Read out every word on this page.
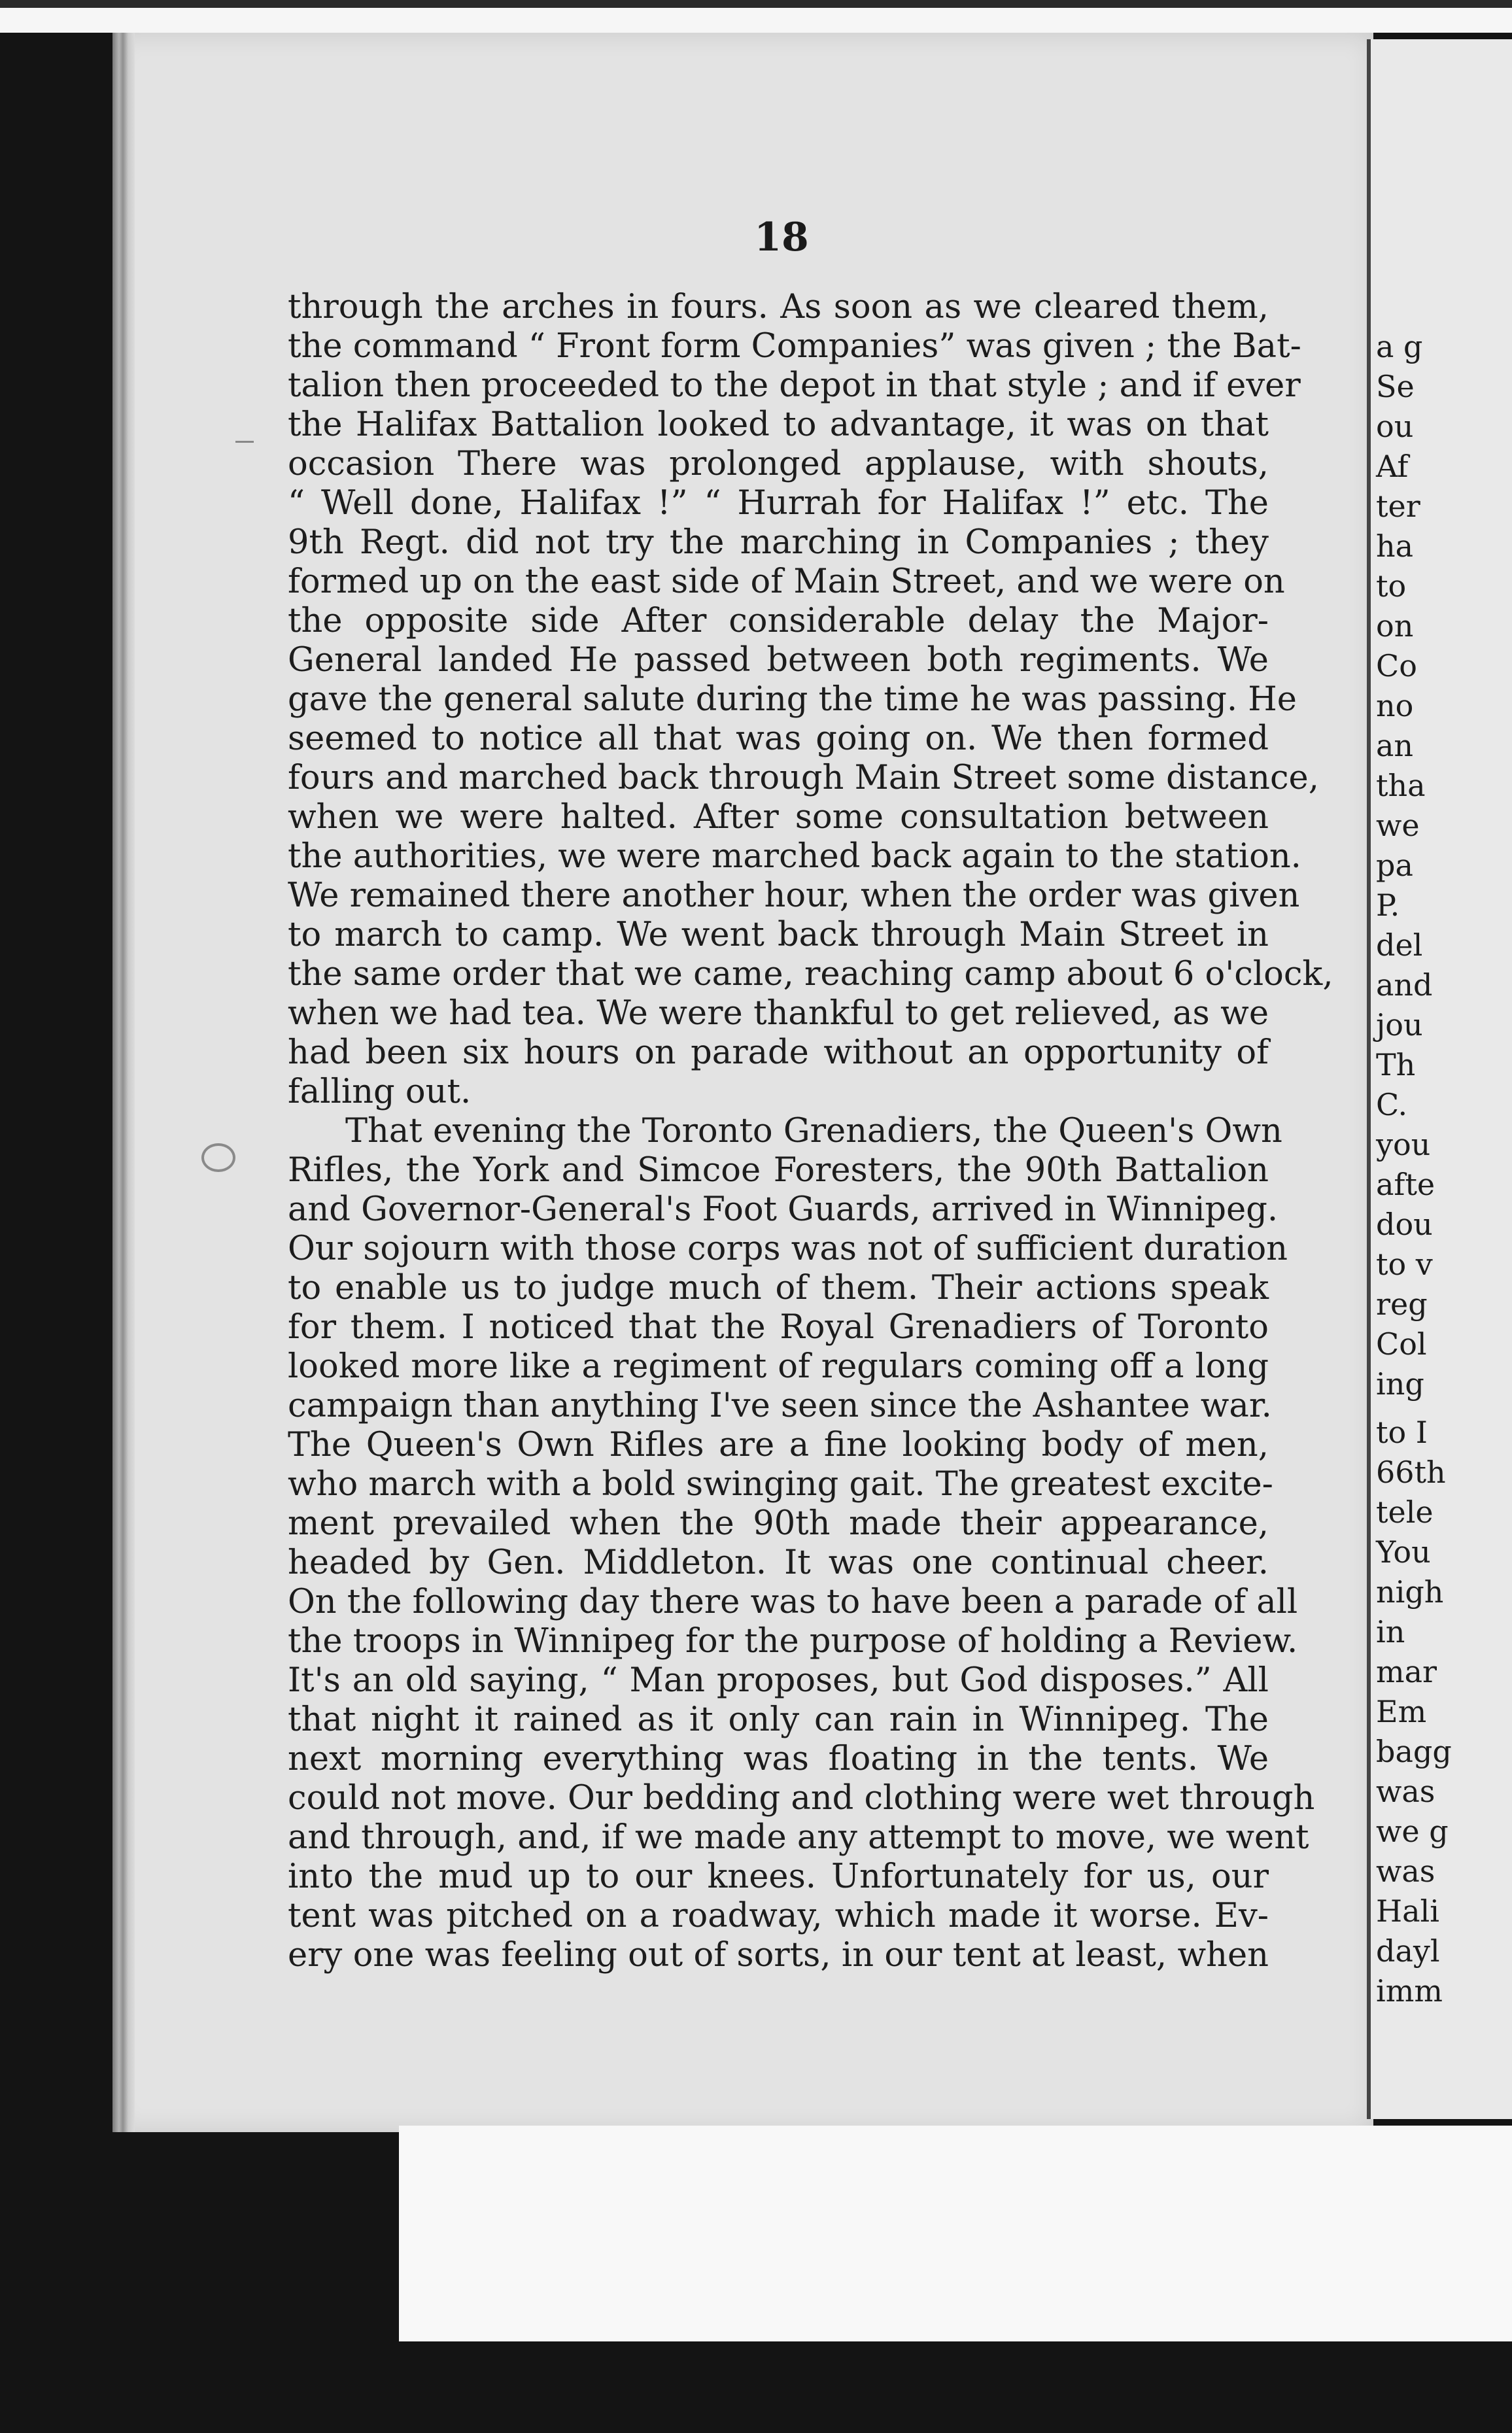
18
through the arches in fours. As soon as we cleared them,
the command “ Front form Companies” was given ; the Bat-
talion then proceeded to the depot in that style ; and if ever
the Halifax Battalion looked to advantage, it was on that
occasion There was prolonged applause, with shouts,
“ Well done, Halifax !” “ Hurrah for Halifax !” etc. The
9th Regt. did not try the marching in Companies ; they
formed up on the east side of Main Street, and we were on
the opposite side After considerable delay the Major-
General landed He passed between both regiments. We
gave the general salute during the time he was passing. He
seemed to notice all that was going on. We then formed
fours and marched back through Main Street some distance,
when we were halted. After some consultation between
the authorities, we were marched back again to the station.
We remained there another hour, when the order was given
to march to camp. We went back through Main Street in
the same order that we came, reaching camp about 6 o'clock,
when we had tea. We were thankful to get relieved, as we
had been six hours on parade without an opportunity of
falling out.
That evening the Toronto Grenadiers, the Queen's Own
Rifles, the York and Simcoe Foresters, the 90th Battalion
and Governor-General's Foot Guards, arrived in Winnipeg.
Our sojourn with those corps was not of sufficient duration
to enable us to judge much of them. Their actions speak
for them. I noticed that the Royal Grenadiers of Toronto
looked more like a regiment of regulars coming off a long
campaign than anything I've seen since the Ashantee war.
The Queen's Own Rifles are a fine looking body of men,
who march with a bold swinging gait. The greatest excite-
ment prevailed when the 90th made their appearance,
headed by Gen. Middleton. It was one continual cheer.
On the following day there was to have been a parade of all
the troops in Winnipeg for the purpose of holding a Review.
It's an old saying, “ Man proposes, but God disposes.” All
that night it rained as it only can rain in Winnipeg. The
next morning everything was floating in the tents. We
could not move. Our bedding and clothing were wet through
and through, and, if we made any attempt to move, we went
into the mud up to our knees. Unfortunately for us, our
tent was pitched on a roadway, which made it worse. Ev-
ery one was feeling out of sorts, in our tent at least, when
a g
Se
ou
Af
ter
ha
to
on
Co
no
an
tha
we
pa
P.
del
and
jou
Th
C.
you
afte
dou
to v
reg
Col
ing
to I
66th
tele
You
nigh
in
mar
Em
bagg
was
we g
was
Hali
dayl
imm
